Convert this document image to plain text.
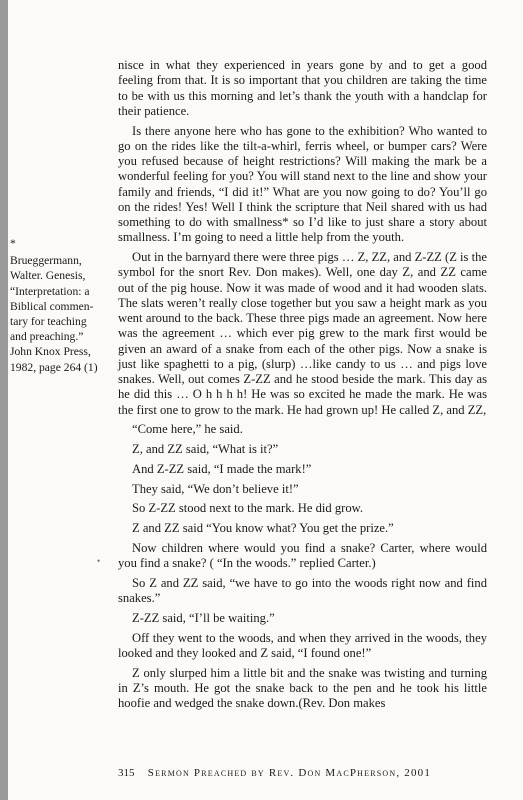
*
Brueggermann,
Walter. Genesis,
“Interpretation: a
Biblical commen-
tary for teaching
and preaching.”
John Knox Press,
1982, page 264 (1)

nisce in what they experienced in years gone by and to get a good feeling from that. It is so important that you children are taking the time to be with us this morning and let’s thank the youth with a handclap for their patience.

Is there anyone here who has gone to the exhibition? Who wanted to go on the rides like the tilt-a-whirl, ferris wheel, or bumper cars? Were you refused because of height restrictions? Will making the mark be a wonderful feeling for you? You will stand next to the line and show your family and friends, “I did it!” What are you now going to do? You’ll go on the rides! Yes! Well I think the scripture that Neil shared with us had something to do with smallness* so I’d like to just share a story about smallness. I’m going to need a little help from the youth.

Out in the barnyard there were three pigs … Z, ZZ, and Z-ZZ (Z is the symbol for the snort Rev. Don makes). Well, one day Z, and ZZ came out of the pig house. Now it was made of wood and it had wooden slats. The slats weren’t really close together but you saw a height mark as you went around to the back. These three pigs made an agreement. Now here was the agreement … which ever pig grew to the mark first would be given an award of a snake from each of the other pigs. Now a snake is just like spaghetti to a pig, (slurp) …like candy to us … and pigs love snakes. Well, out comes Z-ZZ and he stood beside the mark. This day as he did this … O h h h h! He was so excited he made the mark. He was the first one to grow to the mark. He had grown up! He called Z, and ZZ,

“Come here,” he said.

Z, and ZZ said, “What is it?”

And Z-ZZ said, “I made the mark!”

They said, “We don’t believe it!”

So Z-ZZ stood next to the mark. He did grow.

Z and ZZ said “You know what? You get the prize.”

Now children where would you find a snake? Carter, where would you find a snake? ( “In the woods.” replied Carter.)

So Z and ZZ said, “we have to go into the woods right now and find snakes.”

Z-ZZ said, “I’ll be waiting.”

Off they went to the woods, and when they arrived in the woods, they looked and they looked and Z said, “I found one!”

Z only slurped him a little bit and the snake was twisting and turning in Z’s mouth. He got the snake back to the pen and he took his little hoofie and wedged the snake down.(Rev. Don makes

•
315 Sermon Preached by Rev. Don MacPherson, 2001
